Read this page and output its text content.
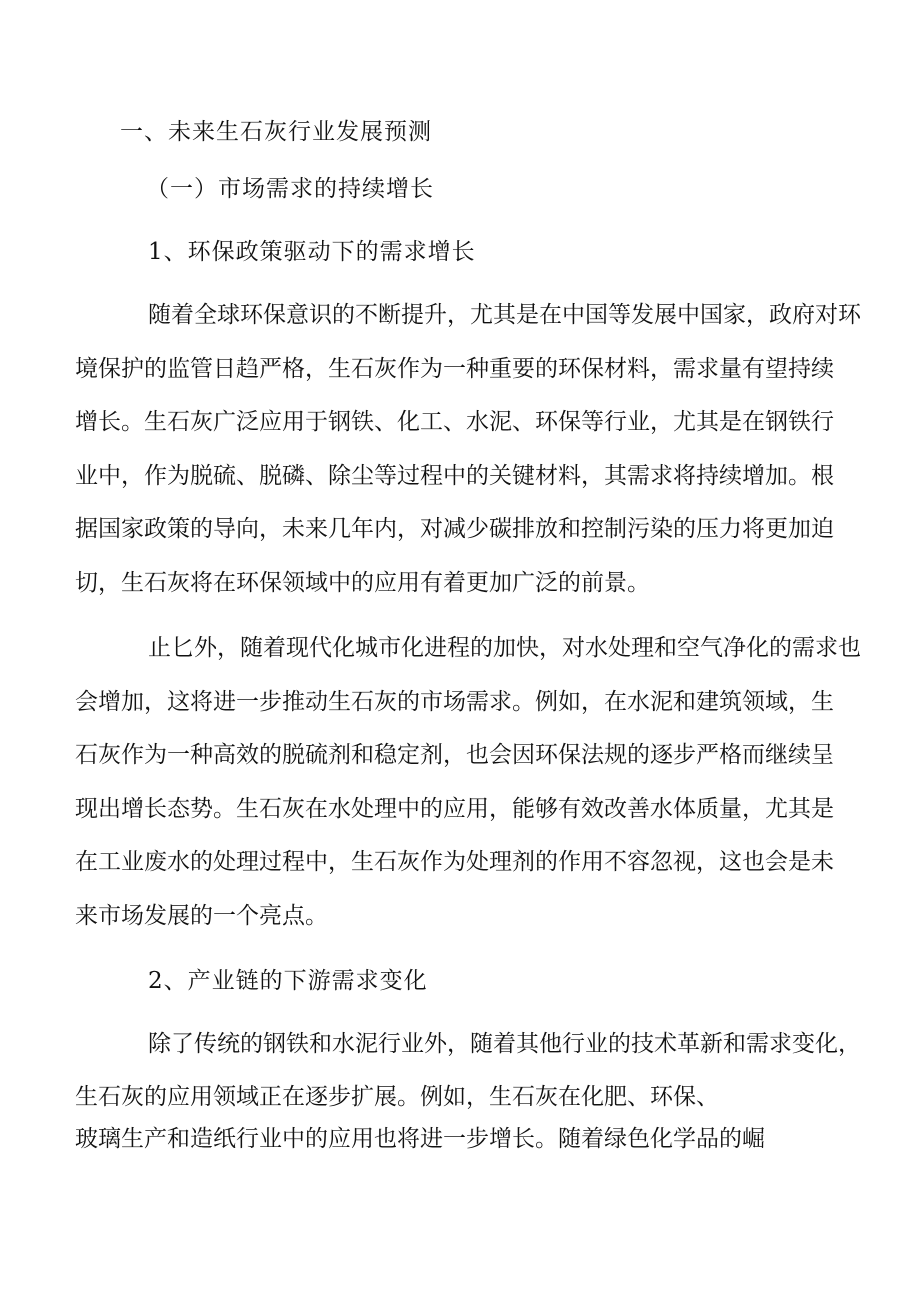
一、未来生石灰行业发展预测

（一）市场需求的持续增长

1、环保政策驱动下的需求增长

随着全球环保意识的不断提升，尤其是在中国等发展中国家，政府对环

境保护的监管日趋严格，生石灰作为一种重要的环保材料，需求量有望持续

增长。生石灰广泛应用于钢铁、化工、水泥、环保等行业，尤其是在钢铁行

业中，作为脱硫、脱磷、除尘等过程中的关键材料，其需求将持续增加。根

据国家政策的导向，未来几年内，对减少碳排放和控制污染的压力将更加迫

切，生石灰将在环保领域中的应用有着更加广泛的前景。

止匕外，随着现代化城市化进程的加快，对水处理和空气净化的需求也

会增加，这将进一步推动生石灰的市场需求。例如，在水泥和建筑领域，生

石灰作为一种高效的脱硫剂和稳定剂，也会因环保法规的逐步严格而继续呈

现出增长态势。生石灰在水处理中的应用，能够有效改善水体质量，尤其是

在工业废水的处理过程中，生石灰作为处理剂的作用不容忽视，这也会是未

来市场发展的一个亮点。

2、产业链的下游需求变化

除了传统的钢铁和水泥行业外，随着其他行业的技术革新和需求变化，

生石灰的应用领域正在逐步扩展。例如，生石灰在化肥、环保、

玻璃生产和造纸行业中的应用也将进一步增长。随着绿色化学品的崛
